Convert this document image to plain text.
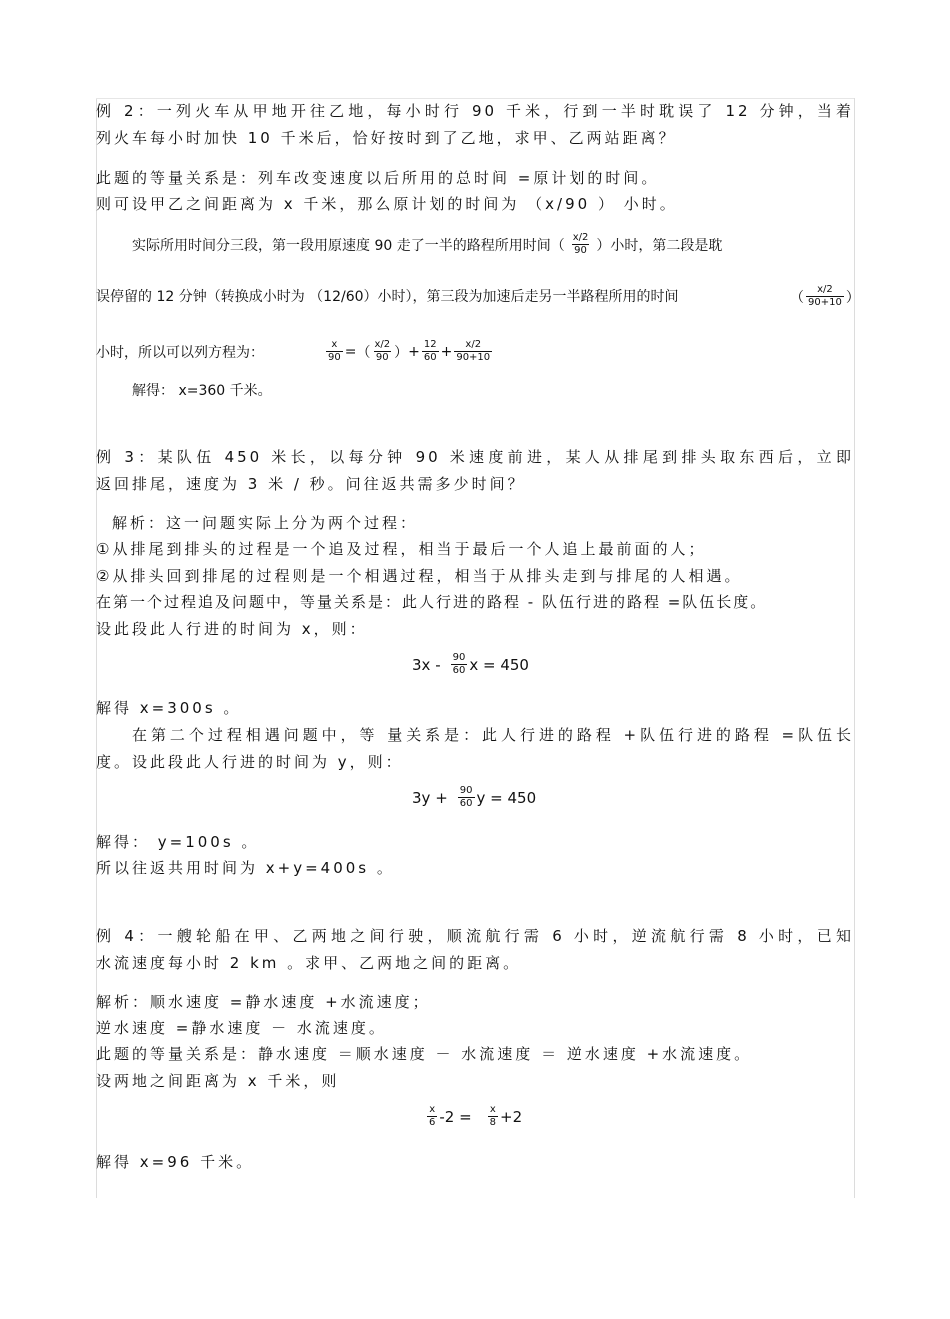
例 2：一列火车从甲地开往乙地，每小时行 90 千米，行到一半时耽误了 12 分钟，当着
列火车每小时加快 10 千米后，恰好按时到了乙地，求甲、乙两站距离？
此题的等量关系是：列车改变速度以后所用的总时间 =原计划的时间。
则可设甲乙之间距离为 x 千米，那么原计划的时间为 （x/90 ） 小时。
实际所用时间分三段，第一段用原速度 90 走了一半的路程所用时间（ $\frac{x/2}{90}$ ）小时，第二段是耽
误停留的 12 分钟（转换成小时为 （12/60）小时），第三段为加速后走另一半路程所用的时间	（ $\frac{x/2}{90+10}$ ）
小时，所以可以列方程为：	$\frac{x}{90}$ = （ $\frac{x/2}{90}$ ） + $\frac{12}{60} + \frac{x/2}{90+10}$
解得： x=360 千米。
例 3：某队伍 450 米长，以每分钟 90 米速度前进，某人从排尾到排头取东西后，立即
返回排尾，速度为 3 米 / 秒。问往返共需多少时间？
解析：这一问题实际上分为两个过程：
①从排尾到排头的过程是一个追及过程，相当于最后一个人追上最前面的人；
②从排头回到排尾的过程则是一个相遇过程，相当于从排头走到与排尾的人相遇。
在第一个过程追及问题中，等量关系是：此人行进的路程 - 队伍行进的路程 =队伍长度。
设此段此人行进的时间为 x，则：
$3x - \frac{90}{60}$ x = 450
解得 x=300s 。
在第二个过程相遇问题中，等 量关系是：此人行进的路程 +队伍行进的路程 =队伍长
度。设此段此人行进的时间为 y，则：
$3y + \frac{90}{60}$ y = 450
解得： y=100s 。
所以往返共用时间为 x+y=400s 。
例 4：一艘轮船在甲、乙两地之间行驶，顺流航行需 6 小时，逆流航行需 8 小时，已知
水流速度每小时 2 km 。求甲、乙两地之间的距离。
解析：顺水速度 =静水速度 +水流速度；
逆水速度 =静水速度 － 水流速度。
此题的等量关系是：静水速度 ＝顺水速度 － 水流速度 ＝ 逆水速度 +水流速度。
设两地之间距离为 x 千米，则
$\frac{x}{6} -2 = \frac{x}{8} +2$
解得 x=96 千米。
